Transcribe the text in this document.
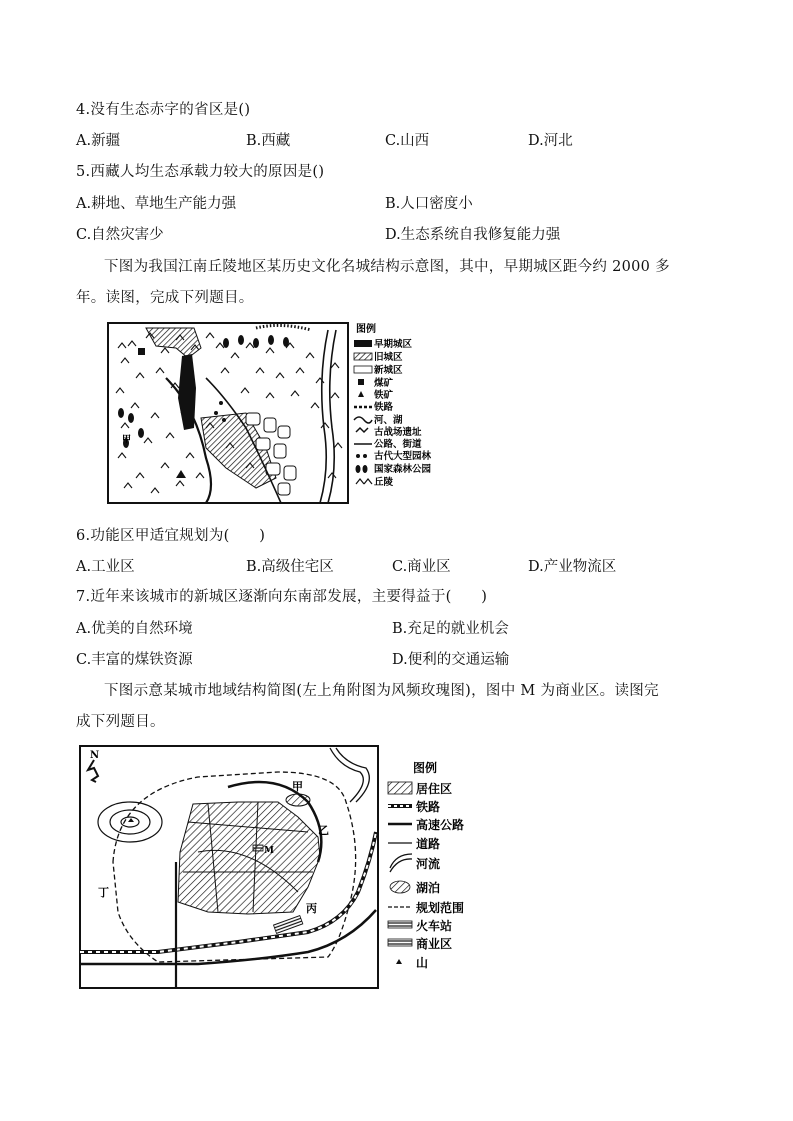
4.没有生态赤字的省区是()
A.新疆	B.西藏	C.山西	D.河北
5.西藏人均生态承载力较大的原因是()
A.耕地、草地生产能力强	B.人口密度小
C.自然灾害少	D.生态系统自我修复能力强
下图为我国江南丘陵地区某历史文化名城结构示意图，其中，早期城区距今约 2000 多
年。读图，完成下列题目。
甲
图例
早期城区
旧城区
新城区
煤矿
铁矿
铁路
河、湖
古战场遗址
公路、街道
古代大型园林
国家森林公园
丘陵
6.功能区甲适宜规划为(　　)
A.工业区	B.高级住宅区	C.商业区	D.产业物流区
7.近年来该城市的新城区逐渐向东南部发展，主要得益于(　　)
A.优美的自然环境	B.充足的就业机会
C.丰富的煤铁资源	D.便利的交通运输
下图示意某城市地域结构简图(左上角附图为风频玫瑰图)，图中 M 为商业区。读图完
成下列题目。
N
M
甲
乙
丙
丁
图例
居住区
铁路
高速公路
道路
河流
湖泊
规划范围
火车站
商业区
山
